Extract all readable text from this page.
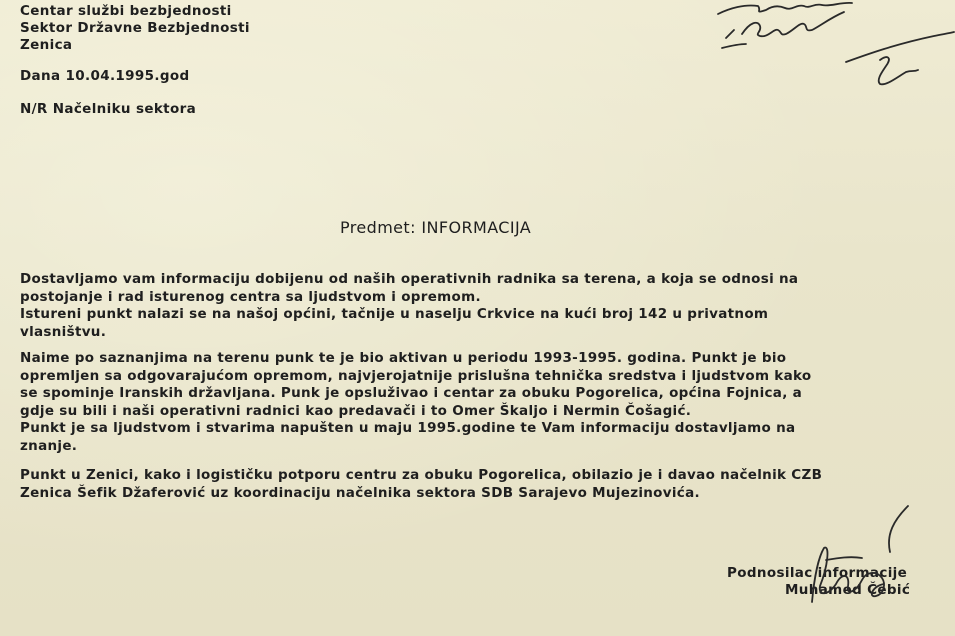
Centar službi bezbjednosti
Sektor Državne Bezbjednosti
Zenica
Dana 10.04.1995.god
N/R Načelniku sektora
Predmet: INFORMACIJA
Dostavljamo vam informaciju dobijenu od naših operativnih radnika sa terena, a koja se odnosi na
postojanje i rad isturenog centra sa ljudstvom i opremom.
Istureni punkt nalazi se na našoj općini, tačnije u naselju Crkvice na kući broj 142 u privatnom
vlasništvu.
Naime po saznanjima na terenu punk te je bio aktivan u periodu 1993-1995. godina. Punkt je bio
opremljen sa odgovarajućom opremom, najvjerojatnije prislušna tehnička sredstva i ljudstvom kako
se spominje Iranskih državljana. Punk je opsluživao i centar za obuku Pogorelica, općina Fojnica, a
gdje su bili i naši operativni radnici kao predavači i to Omer Škaljo i Nermin Čošagić.
Punkt je sa ljudstvom i stvarima napušten u maju 1995.godine te Vam informaciju dostavljamo na
znanje.
Punkt u Zenici, kako i logističku potporu centru za obuku Pogorelica, obilazio je i davao načelnik CZB
Zenica Šefik Džaferović uz koordinaciju načelnika sektora SDB Sarajevo Mujezinovića.
Podnosilac informacije
Muhamed Čebić
